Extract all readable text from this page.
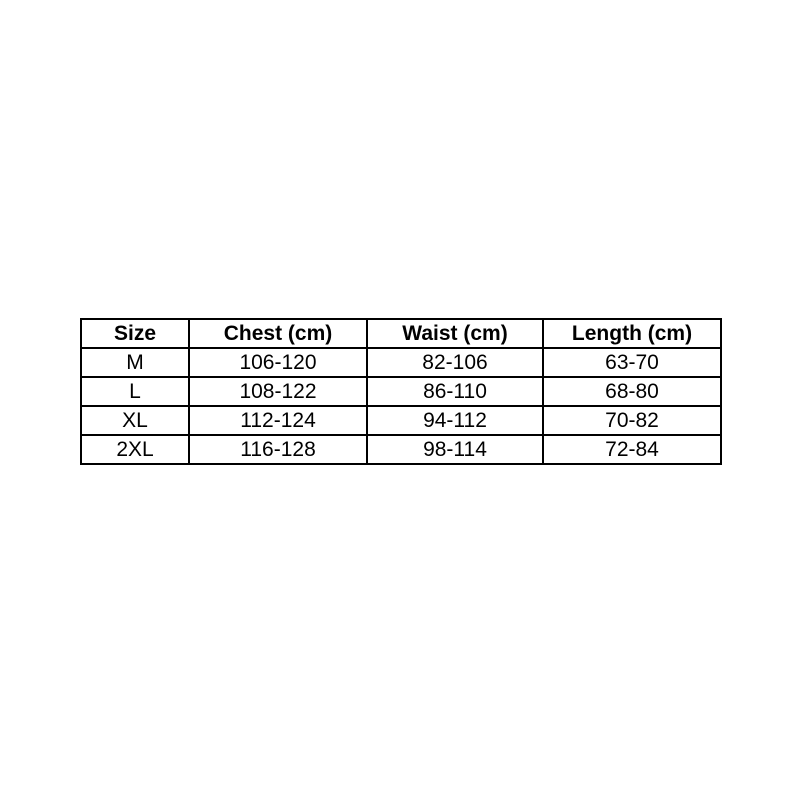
Size	Chest (cm)	Waist (cm)	Length (cm)
M	106-120	82-106	63-70
L	108-122	86-110	68-80
XL	112-124	94-112	70-82
2XL	116-128	98-114	72-84
